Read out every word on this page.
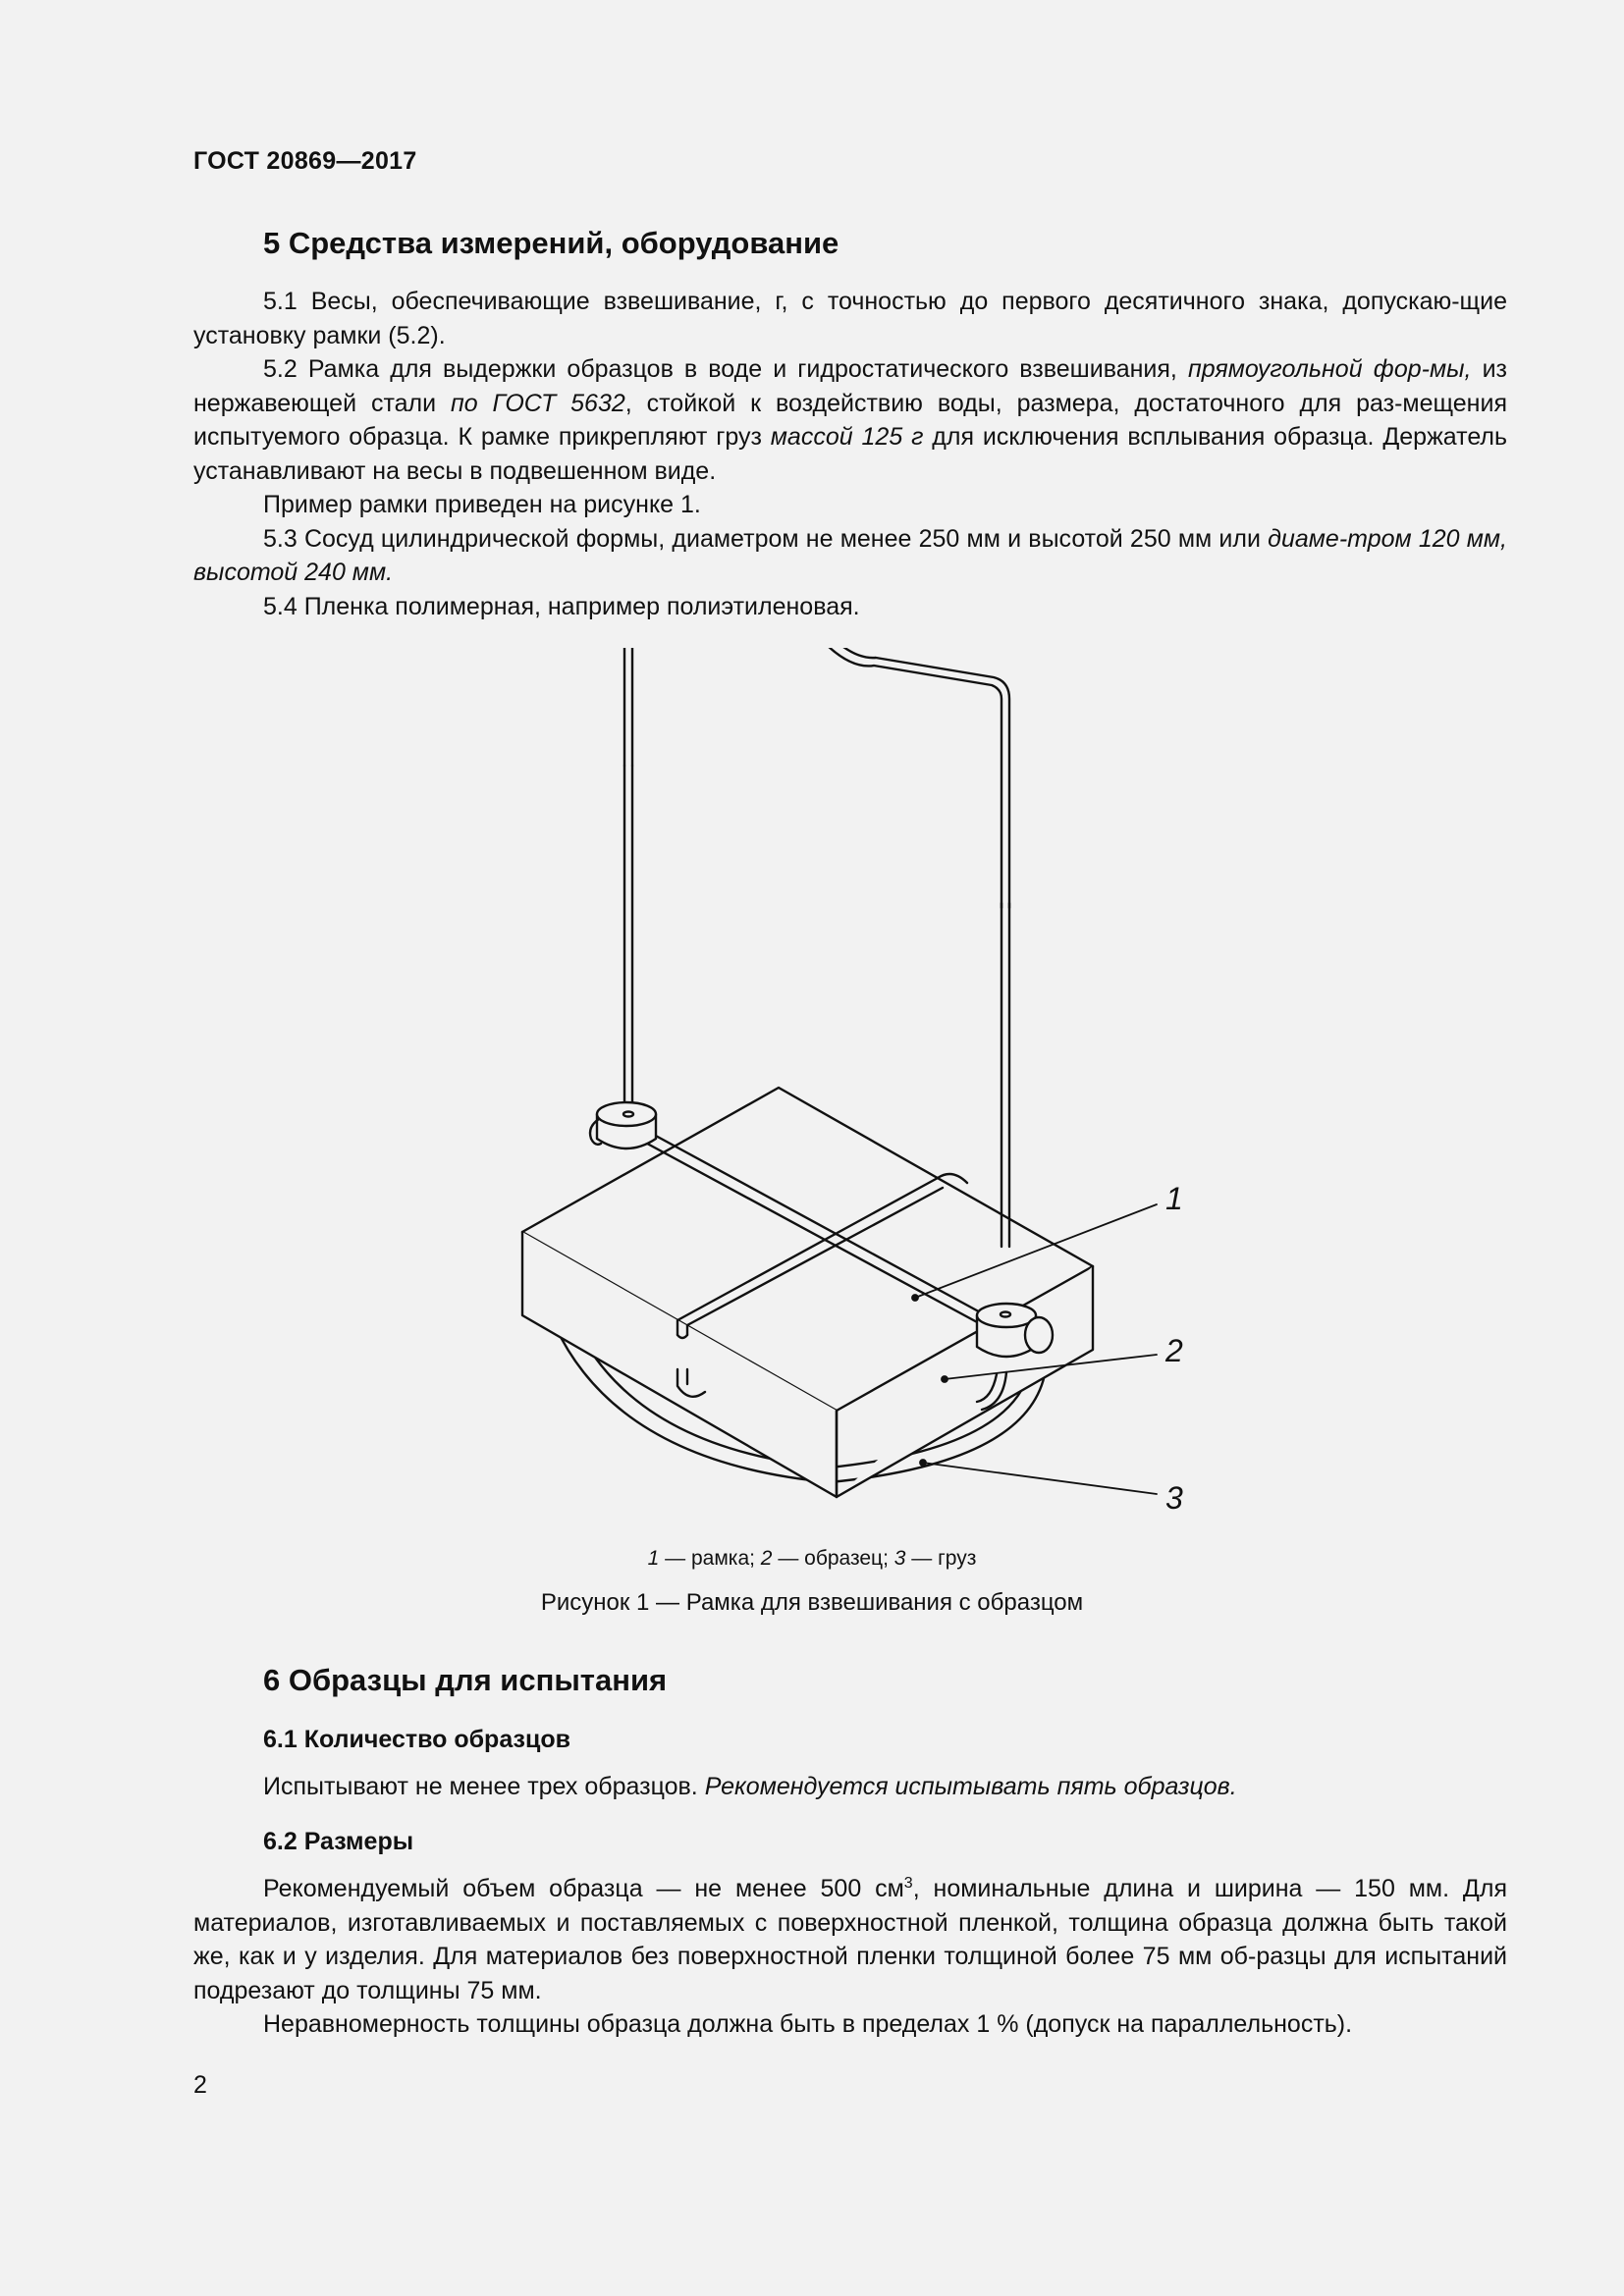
ГОСТ 20869—2017
5 Средства измерений, оборудование

5.1 Весы, обеспечивающие взвешивание, г, с точностью до первого десятичного знака, допускаю-щие установку рамки (5.2).

5.2 Рамка для выдержки образцов в воде и гидростатического взвешивания, прямоугольной фор-мы, из нержавеющей стали по ГОСТ 5632, стойкой к воздействию воды, размера, достаточного для раз-мещения испытуемого образца. К рамке прикрепляют груз массой 125 г для исключения всплывания образца. Держатель устанавливают на весы в подвешенном виде.

Пример рамки приведен на рисунке 1.

5.3 Сосуд цилиндрической формы, диаметром не менее 250 мм и высотой 250 мм или диаме-тром 120 мм, высотой 240 мм.

5.4 Пленка полимерная, например полиэтиленовая.

1
2
3
1 — рамка; 2 — образец; 3 — груз
Рисунок 1 — Рамка для взвешивания с образцом
6 Образцы для испытания
6.1 Количество образцов

Испытывают не менее трех образцов. Рекомендуется испытывать пять образцов.

6.2 Размеры

Рекомендуемый объем образца — не менее 500 $см^3$, номинальные длина и ширина — 150 мм. Для материалов, изготавливаемых и поставляемых с поверхностной пленкой, толщина образца должна быть такой же, как и у изделия. Для материалов без поверхностной пленки толщиной более 75 мм об-разцы для испытаний подрезают до толщины 75 мм.

Неравномерность толщины образца должна быть в пределах 1 % (допуск на параллельность).

2
